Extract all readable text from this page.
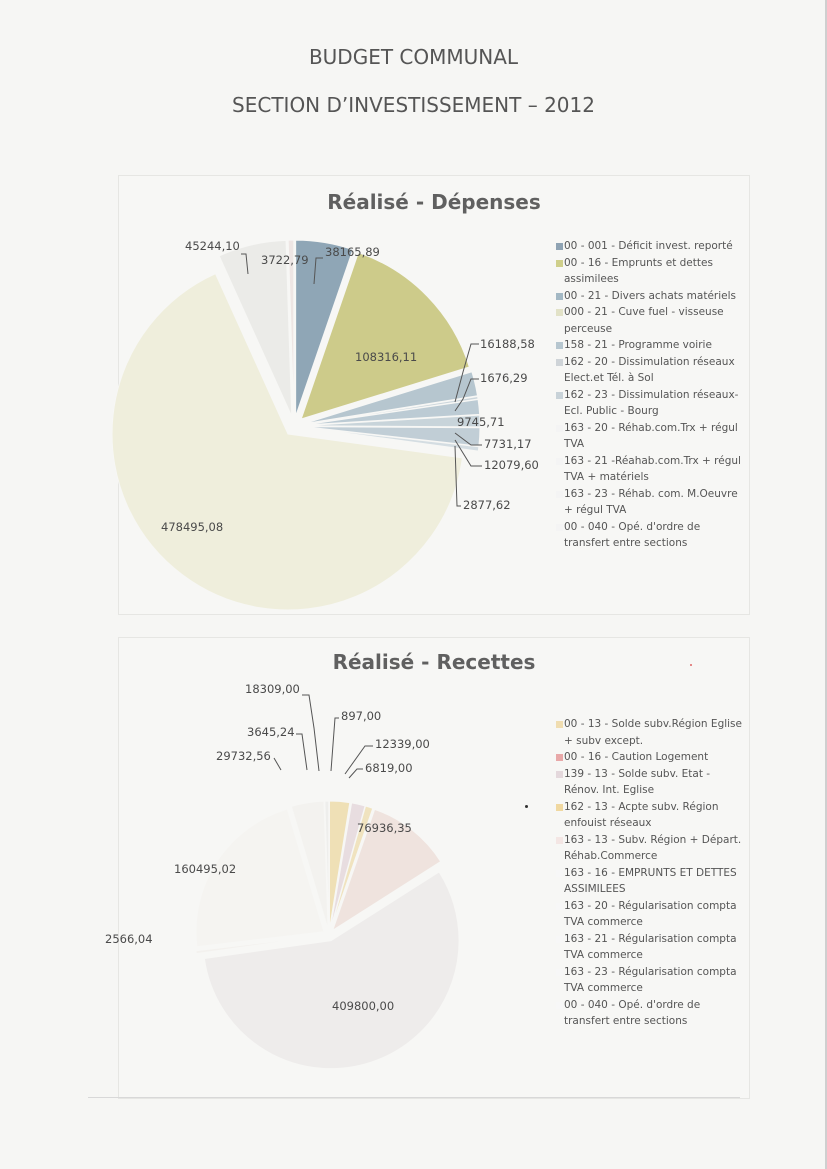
BUDGET COMMUNAL
SECTION D’INVESTISSEMENT – 2012
Réalisé - Dépenses
38165,89
108316,11
16188,58
1676,29
9745,71
7731,17
12079,60
2877,62
478495,08
45244,10
3722,79
00 - 001 - Déficit invest. reporté
00 - 16 - Emprunts et dettes assimilees
00 - 21 - Divers achats matériels
000 - 21 - Cuve fuel - visseuse perceuse
158 - 21 - Programme voirie
162 - 20 - Dissimulation réseaux Elect.et Tél. à Sol
162 - 23 - Dissimulation réseaux- Ecl. Public - Bourg
163 - 20 - Réhab.com.Trx + régul TVA
163 - 21 -Réahab.com.Trx + régul TVA + matériels
163 - 23 - Réhab. com. M.Oeuvre + régul TVA
00 - 040 - Opé. d'ordre de transfert entre sections
Réalisé - Recettes
18309,00
897,00
12339,00
6819,00
76936,35
409800,00
2566,04
160495,02
29732,56
3645,24
00 - 13 - Solde subv.Région Eglise + subv except.
00 - 16 - Caution Logement
139 - 13 - Solde subv. Etat - Rénov. Int. Eglise
162 - 13 - Acpte subv. Région enfouist réseaux
163 - 13 - Subv. Région + Départ. Réhab.Commerce
163 - 16 - EMPRUNTS ET DETTES ASSIMILEES
163 - 20 - Régularisation compta TVA commerce
163 - 21 - Régularisation compta TVA commerce
163 - 23 - Régularisation compta TVA commerce
00 - 040 - Opé. d'ordre de transfert entre sections
